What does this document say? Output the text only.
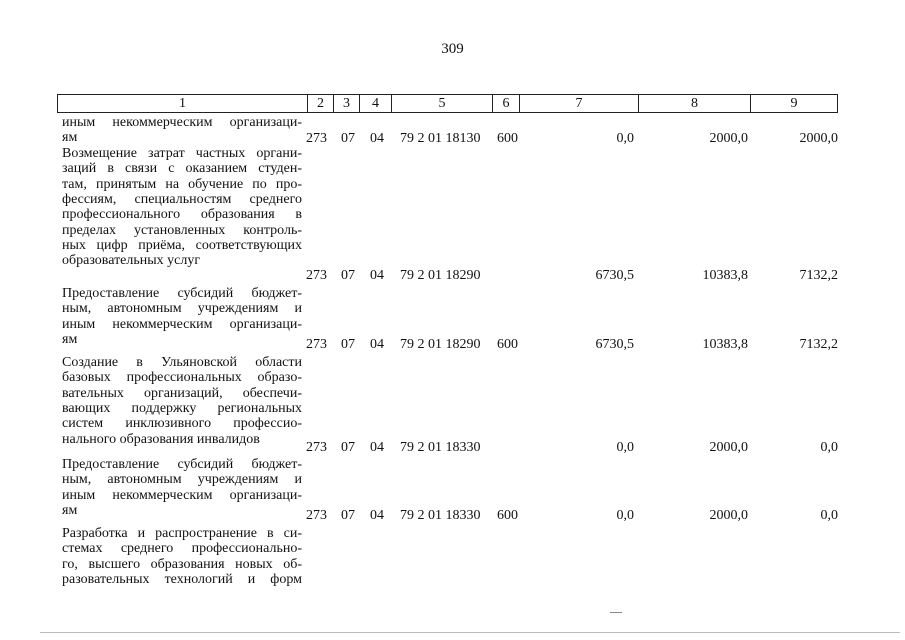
309
1	2	3	4	5	6	7	8	9
иным некоммерческим организаци-
ям	273 07 04 79 2 01 18130 600	0,0	2000,0	2000,0
Возмещение затрат частных органи-
заций в связи с оказанием студен-
там, принятым на обучение по про-
фессиям, специальностям среднего
профессионального образования в
пределах установленных контроль-
ных цифр приёма, соответствующих
образовательных услуг
273 07 04 79 2 01 18290	6730,5	10383,8	7132,2
Предоставление субсидий бюджет-
ным, автономным учреждениям и
иным некоммерческим организаци-
ям	273 07 04 79 2 01 18290 600	6730,5	10383,8	7132,2
Создание в Ульяновской области
базовых профессиональных образо-
вательных организаций, обеспечи-
вающих поддержку региональных
систем инклюзивного профессио-
нального образования инвалидов
273 07 04 79 2 01 18330	0,0	2000,0	0,0
Предоставление субсидий бюджет-
ным, автономным учреждениям и
иным некоммерческим организаци-
ям	273 07 04 79 2 01 18330 600	0,0	2000,0	0,0
Разработка и распространение в си-
стемах среднего профессионально-
го, высшего образования новых об-
разовательных технологий и форм
